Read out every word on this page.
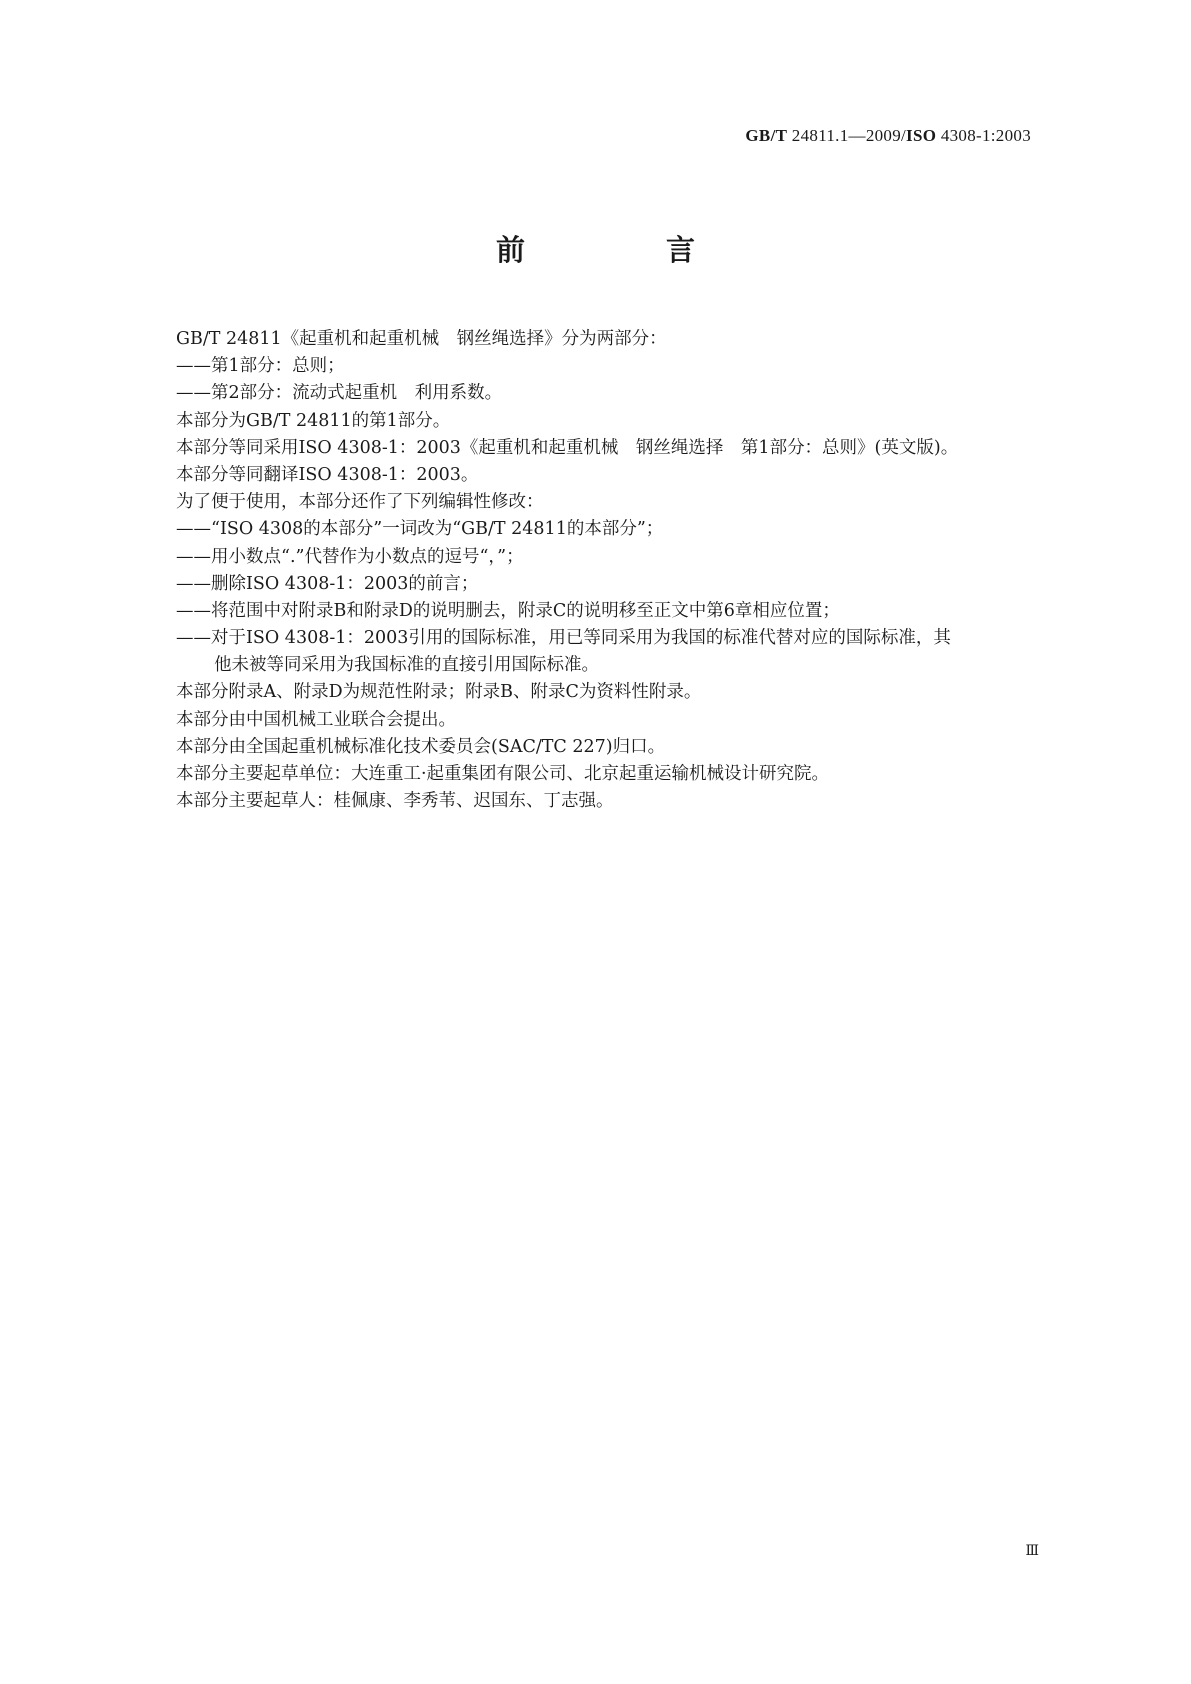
GB/T 24811.1—2009/ISO 4308-1:2003
前　言
GB/T 24811《起重机和起重机械　钢丝绳选择》分为两部分：
——第1部分：总则；
——第2部分：流动式起重机　利用系数。
本部分为GB/T 24811的第1部分。
本部分等同采用ISO 4308-1：2003《起重机和起重机械　钢丝绳选择　第1部分：总则》(英文版)。
本部分等同翻译ISO 4308-1：2003。
为了便于使用，本部分还作了下列编辑性修改：
——“ISO 4308的本部分”一词改为“GB/T 24811的本部分”；
——用小数点“.”代替作为小数点的逗号“，”；
——删除ISO 4308-1：2003的前言；
——将范围中对附录B和附录D的说明删去，附录C的说明移至正文中第6章相应位置；
——对于ISO 4308-1：2003引用的国际标准，用已等同采用为我国的标准代替对应的国际标准，其
他未被等同采用为我国标准的直接引用国际标准。
本部分附录A、附录D为规范性附录；附录B、附录C为资料性附录。
本部分由中国机械工业联合会提出。
本部分由全国起重机械标准化技术委员会(SAC/TC 227)归口。
本部分主要起草单位：大连重工·起重集团有限公司、北京起重运输机械设计研究院。
本部分主要起草人：桂佩康、李秀苇、迟国东、丁志强。
Ⅲ
